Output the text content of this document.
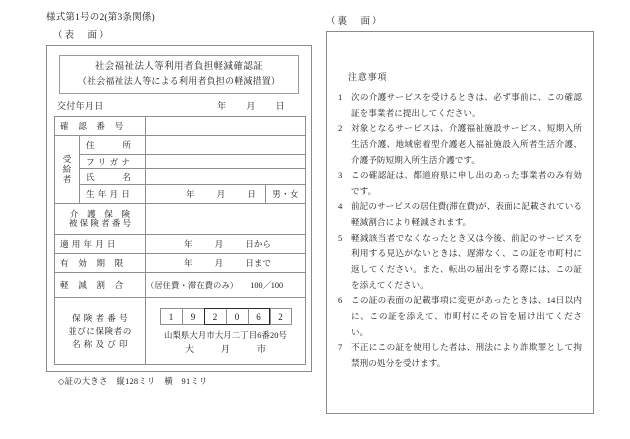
様式第1号の2(第3条関係)
（表　面）
社会福祉法人等利用者負担軽減確認証
（社会福祉法人等による利用者負担の軽減措置）
交付年月日	年 月 日
確　認　番　号			

受
給
者	住　　　所		

フ リ ガ ナ		

氏　　　名		

生 年 月 日	年 月 日	男・女

介　護　保　険
被 保 険 者 番 号			

適 用 年 月 日		年 月 日から	

有　効　期　限		年 月 日まで	

軽　減　割　合		（居住費・滞在費のみ） 100／100	

保 険 者 番 号
並びに保険者の
名 称 及 び 印

1	9	2	0	6	2
山梨県大月市大月二丁目6番20号
大　月　市
◇証の大きさ 縦128ミリ 横　91ミリ
（裏　面）
注意事項
1	次の介護サービスを受けるときは、必ず事前に、この確認証を事業者に提出してください。
2	対象となるサービスは、介護福祉施設サービス、短期入所生活介護、地域密着型介護老人福祉施設入所者生活介護、介護予防短期入所生活介護です。
3	この確認証は、都道府県に申し出のあった事業者のみ有効です。
4	前記のサービスの居住費(滞在費)が、表面に記載されている軽減割合により軽減されます。
5	軽減該当者でなくなったとき又は今後、前記のサービスを利用する見込がないときは、遅滞なく、この証を市町村に返してください。また、転出の届出をする際には、この証を添えてください。
6	この証の表面の記載事項に変更があったときは、14日以内に、この証を添えて、市町村にその旨を届け出てください。
7	不正にこの証を使用した者は、刑法により詐欺罪として拘禁刑の処分を受けます。
